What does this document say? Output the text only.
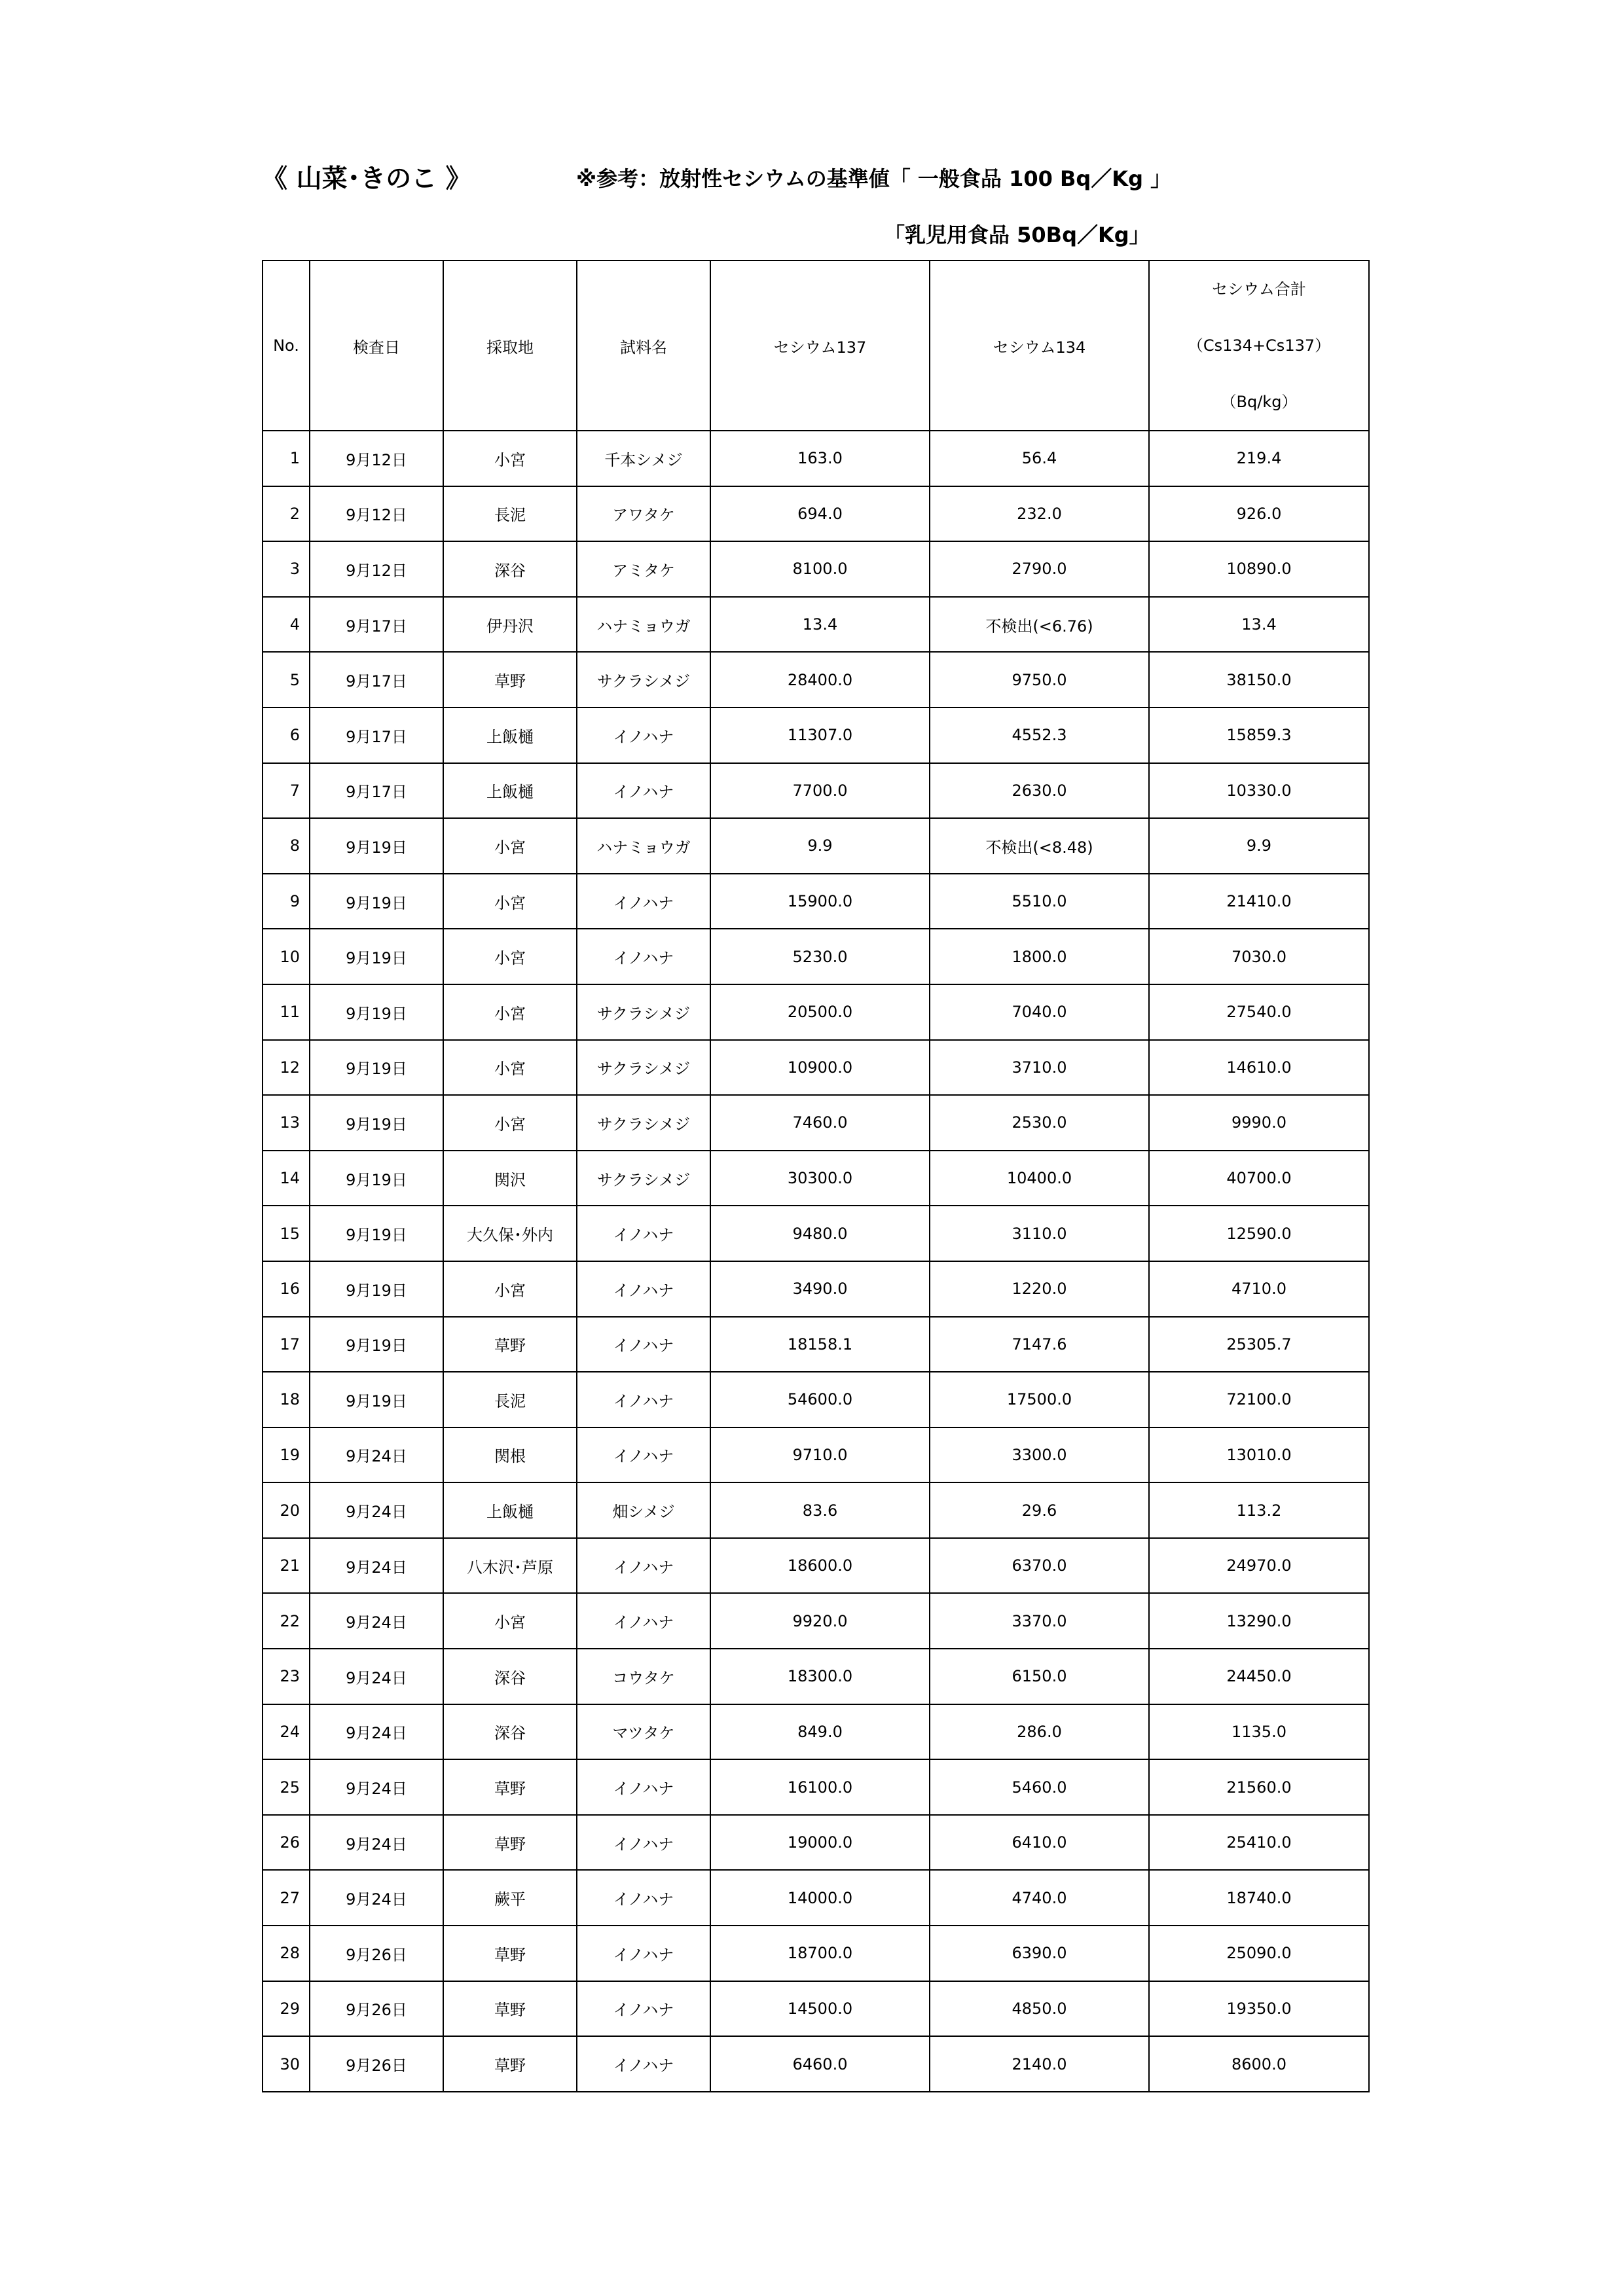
《 山菜･きのこ 》	※参考：放射性セシウムの基準値「 一般食品 100 Bq／Kg 」
「乳児用食品 50Bq／Kg」
No.	検査日	採取地	試料名	セシウム137	セシウム134	セシウム合計
（Cs134+Cs137）
（Bq/kg）

1	9月12日	小宮	千本シメジ	163.0	56.4	219.4
2	9月12日	長泥	アワタケ	694.0	232.0	926.0
3	9月12日	深谷	アミタケ	8100.0	2790.0	10890.0
4	9月17日	伊丹沢	ハナミョウガ	13.4	不検出(<6.76)	13.4
5	9月17日	草野	サクラシメジ	28400.0	9750.0	38150.0
6	9月17日	上飯樋	イノハナ	11307.0	4552.3	15859.3
7	9月17日	上飯樋	イノハナ	7700.0	2630.0	10330.0
8	9月19日	小宮	ハナミョウガ	9.9	不検出(<8.48)	9.9
9	9月19日	小宮	イノハナ	15900.0	5510.0	21410.0
10	9月19日	小宮	イノハナ	5230.0	1800.0	7030.0
11	9月19日	小宮	サクラシメジ	20500.0	7040.0	27540.0
12	9月19日	小宮	サクラシメジ	10900.0	3710.0	14610.0
13	9月19日	小宮	サクラシメジ	7460.0	2530.0	9990.0
14	9月19日	関沢	サクラシメジ	30300.0	10400.0	40700.0
15	9月19日	大久保･外内	イノハナ	9480.0	3110.0	12590.0
16	9月19日	小宮	イノハナ	3490.0	1220.0	4710.0
17	9月19日	草野	イノハナ	18158.1	7147.6	25305.7
18	9月19日	長泥	イノハナ	54600.0	17500.0	72100.0
19	9月24日	関根	イノハナ	9710.0	3300.0	13010.0
20	9月24日	上飯樋	畑シメジ	83.6	29.6	113.2
21	9月24日	八木沢･芦原	イノハナ	18600.0	6370.0	24970.0
22	9月24日	小宮	イノハナ	9920.0	3370.0	13290.0
23	9月24日	深谷	コウタケ	18300.0	6150.0	24450.0
24	9月24日	深谷	マツタケ	849.0	286.0	1135.0
25	9月24日	草野	イノハナ	16100.0	5460.0	21560.0
26	9月24日	草野	イノハナ	19000.0	6410.0	25410.0
27	9月24日	蕨平	イノハナ	14000.0	4740.0	18740.0
28	9月26日	草野	イノハナ	18700.0	6390.0	25090.0
29	9月26日	草野	イノハナ	14500.0	4850.0	19350.0
30	9月26日	草野	イノハナ	6460.0	2140.0	8600.0
